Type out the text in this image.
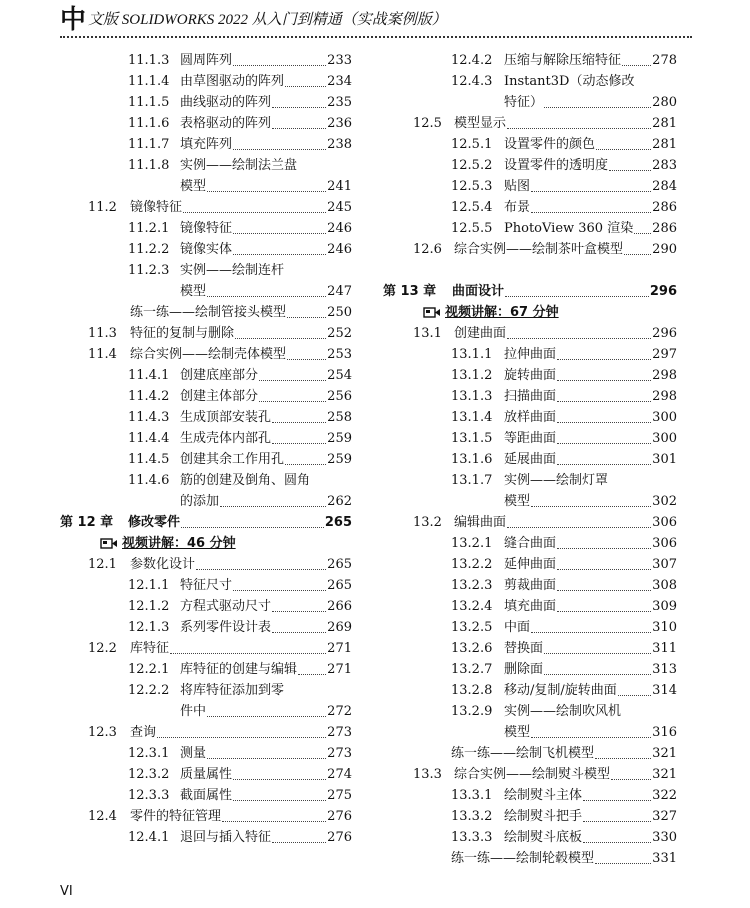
中文版 SOLIDWORKS 2022 从入门到精通（实战案例版）
11.1.3 圆周阵列	233
11.1.4 由草图驱动的阵列	234
11.1.5 曲线驱动的阵列	235
11.1.6 表格驱动的阵列	236
11.1.7 填充阵列	238
11.1.8 实例——绘制法兰盘
模型	241
11.2 镜像特征	245
11.2.1 镜像特征	246
11.2.2 镜像实体	246
11.2.3 实例——绘制连杆
模型	247
练一练——绘制管接头模型	250
11.3 特征的复制与删除	252
11.4 综合实例——绘制壳体模型	253
11.4.1 创建底座部分	254
11.4.2 创建主体部分	256
11.4.3 生成顶部安装孔	258
11.4.4 生成壳体内部孔	259
11.4.5 创建其余工作用孔	259
11.4.6 筋的创建及倒角、圆角
的添加	262
第 12 章 修改零件	265
视频讲解：46 分钟
12.1 参数化设计	265
12.1.1 特征尺寸	265
12.1.2 方程式驱动尺寸	266
12.1.3 系列零件设计表	269
12.2 库特征	271
12.2.1 库特征的创建与编辑 271
12.2.2 将库特征添加到零
件中	272
12.3 查询	273
12.3.1 测量	273
12.3.2 质量属性	274
12.3.3 截面属性	275
12.4 零件的特征管理	276
12.4.1 退回与插入特征	276
12.4.2 压缩与解除压缩特征 278
12.4.3 Instant3D（动态修改
特征）	280
12.5 模型显示	281
12.5.1 设置零件的颜色	281
12.5.2 设置零件的透明度	283
12.5.3 贴图	284
12.5.4 布景	286
12.5.5 PhotoView 360 渲染 286
12.6 综合实例——绘制茶叶盒模型 290
第 13 章 曲面设计	296
视频讲解：67 分钟
13.1 创建曲面	296
13.1.1 拉伸曲面	297
13.1.2 旋转曲面	298
13.1.3 扫描曲面	298
13.1.4 放样曲面	300
13.1.5 等距曲面	300
13.1.6 延展曲面	301
13.1.7 实例——绘制灯罩
模型	302
13.2 编辑曲面	306
13.2.1 缝合曲面	306
13.2.2 延伸曲面	307
13.2.3 剪裁曲面	308
13.2.4 填充曲面	309
13.2.5 中面	310
13.2.6 替换面	311
13.2.7 删除面	313
13.2.8 移动/复制/旋转曲面	314
13.2.9 实例——绘制吹风机
模型	316
练一练——绘制飞机模型	321
13.3 综合实例——绘制熨斗模型	321
13.3.1 绘制熨斗主体	322
13.3.2 绘制熨斗把手	327
13.3.3 绘制熨斗底板	330
练一练——绘制轮毂模型	331
VI
